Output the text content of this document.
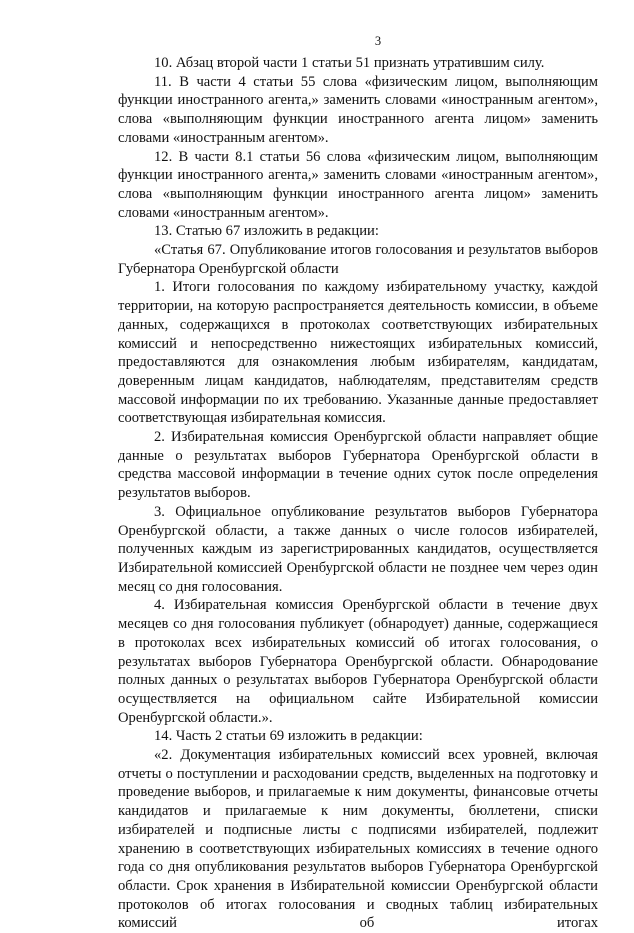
3

10. Абзац второй части 1 статьи 51 признать утратившим силу.

11. В части 4 статьи 55 слова «физическим лицом, выполняющим функции иностранного агента,» заменить словами «иностранным агентом», слова «выполняющим функции иностранного агента лицом» заменить словами «иностранным агентом».

12. В части 8.1 статьи 56 слова «физическим лицом, выполняющим функции иностранного агента,» заменить словами «иностранным агентом», слова «выполняющим функции иностранного агента лицом» заменить словами «иностранным агентом».

13. Статью 67 изложить в редакции:

«Статья 67. Опубликование итогов голосования и результатов выборов Губернатора Оренбургской области

1. Итоги голосования по каждому избирательному участку, каждой территории, на которую распространяется деятельность комиссии, в объеме данных, содержащихся в протоколах соответствующих избирательных комиссий и непосредственно нижестоящих избирательных комиссий, предоставляются для ознакомления любым избирателям, кандидатам, доверенным лицам кандидатов, наблюдателям, представителям средств массовой информации по их требованию. Указанные данные предоставляет соответствующая избирательная комиссия.

2. Избирательная комиссия Оренбургской области направляет общие данные о результатах выборов Губернатора Оренбургской области в средства массовой информации в течение одних суток после определения результатов выборов.

3. Официальное опубликование результатов выборов Губернатора Оренбургской области, а также данных о числе голосов избирателей, полученных каждым из зарегистрированных кандидатов, осуществляется Избирательной комиссией Оренбургской области не позднее чем через один месяц со дня голосования.

4. Избирательная комиссия Оренбургской области в течение двух месяцев со дня голосования публикует (обнародует) данные, содержащиеся в протоколах всех избирательных комиссий об итогах голосования, о результатах выборов Губернатора Оренбургской области. Обнародование полных данных о результатах выборов Губернатора Оренбургской области осуществляется на официальном сайте Избирательной комиссии Оренбургской области.».

14. Часть 2 статьи 69 изложить в редакции:

«2. Документация избирательных комиссий всех уровней, включая отчеты о поступлении и расходовании средств, выделенных на подготовку и проведение выборов, и прилагаемые к ним документы, финансовые отчеты кандидатов и прилагаемые к ним документы, бюллетени, списки избирателей и подписные листы с подписями избирателей, подлежит хранению в соответствующих избирательных комиссиях в течение одного года со дня опубликования результатов выборов Губернатора Оренбургской области. Срок хранения в Избирательной комиссии Оренбургской области протоколов об итогах голосования и сводных таблиц избирательных комиссий об итогах
